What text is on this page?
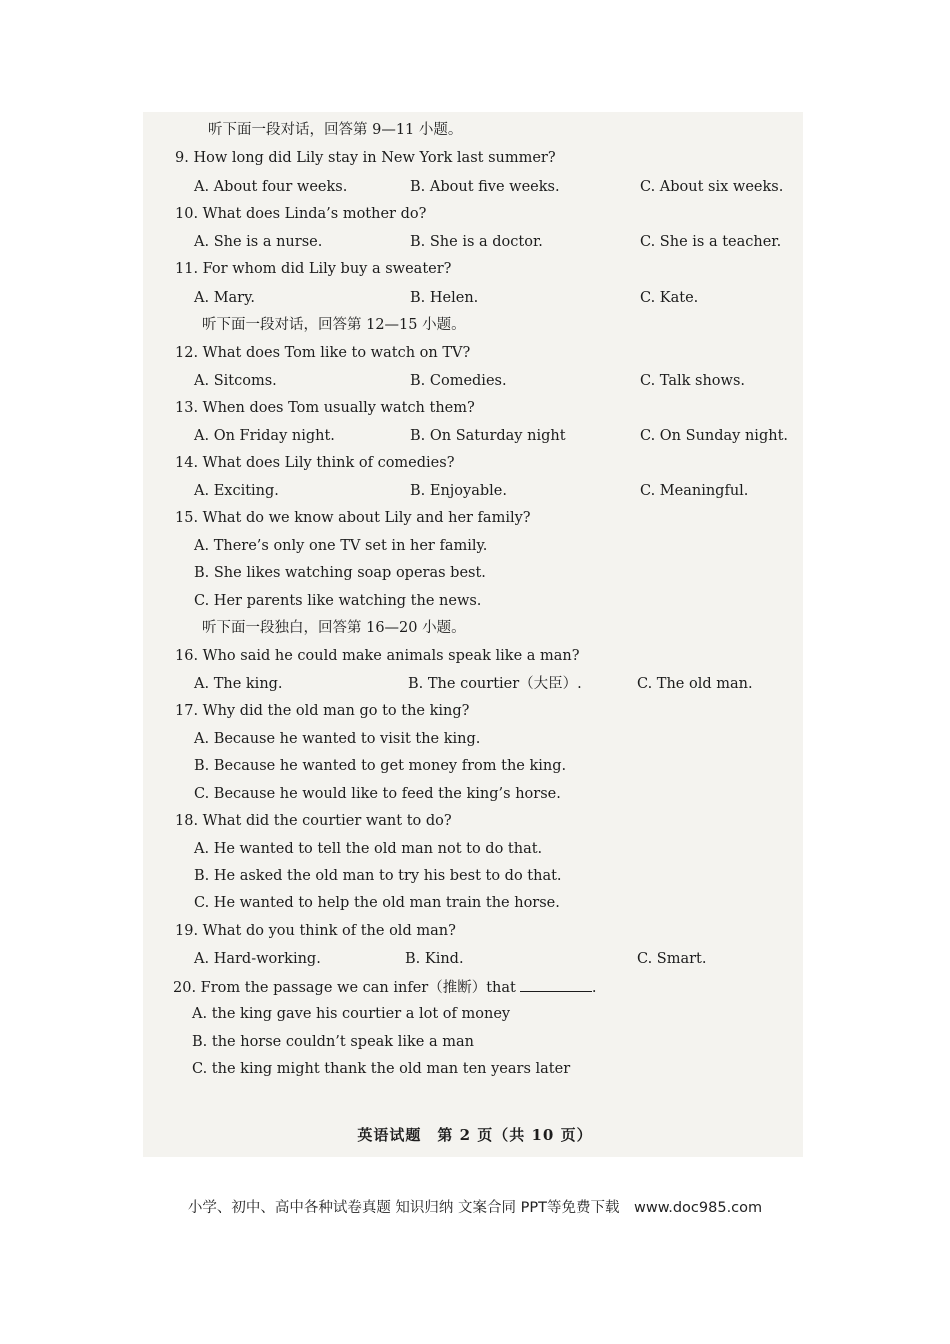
听下面一段对话，回答第 9—11 小题。
9. How long did Lily stay in New York last summer?
A. About four weeks.	B. About five weeks.	C. About six weeks.
10. What does Linda’s mother do?
A. She is a nurse.	B. She is a doctor.	C. She is a teacher.
11. For whom did Lily buy a sweater?
A. Mary.	B. Helen.	C. Kate.
听下面一段对话，回答第 12—15 小题。
12. What does Tom like to watch on TV?
A. Sitcoms.	B. Comedies.	C. Talk shows.
13. When does Tom usually watch them?
A. On Friday night.	B. On Saturday night	C. On Sunday night.
14. What does Lily think of comedies?
A. Exciting.	B. Enjoyable.	C. Meaningful.
15. What do we know about Lily and her family?
A. There’s only one TV set in her family.
B. She likes watching soap operas best.
C. Her parents like watching the news.
听下面一段独白，回答第 16—20 小题。
16. Who said he could make animals speak like a man?
A. The king.	B. The courtier（大臣）.	C. The old man.
17. Why did the old man go to the king?
A. Because he wanted to visit the king.
B. Because he wanted to get money from the king.
C. Because he would like to feed the king’s horse.
18. What did the courtier want to do?
A. He wanted to tell the old man not to do that.
B. He asked the old man to try his best to do that.
C. He wanted to help the old man train the horse.
19. What do you think of the old man?
A. Hard-working.	B. Kind.	C. Smart.
20. From the passage we can infer（推断）that	.
A. the king gave his courtier a lot of money
B. the horse couldn’t speak like a man
C. the king might thank the old man ten years later
英语试题　第 2 页（共 10 页）
小学、初中、高中各种试卷真题 知识归纳 文案合同 PPT等免费下载　www.doc985.com
